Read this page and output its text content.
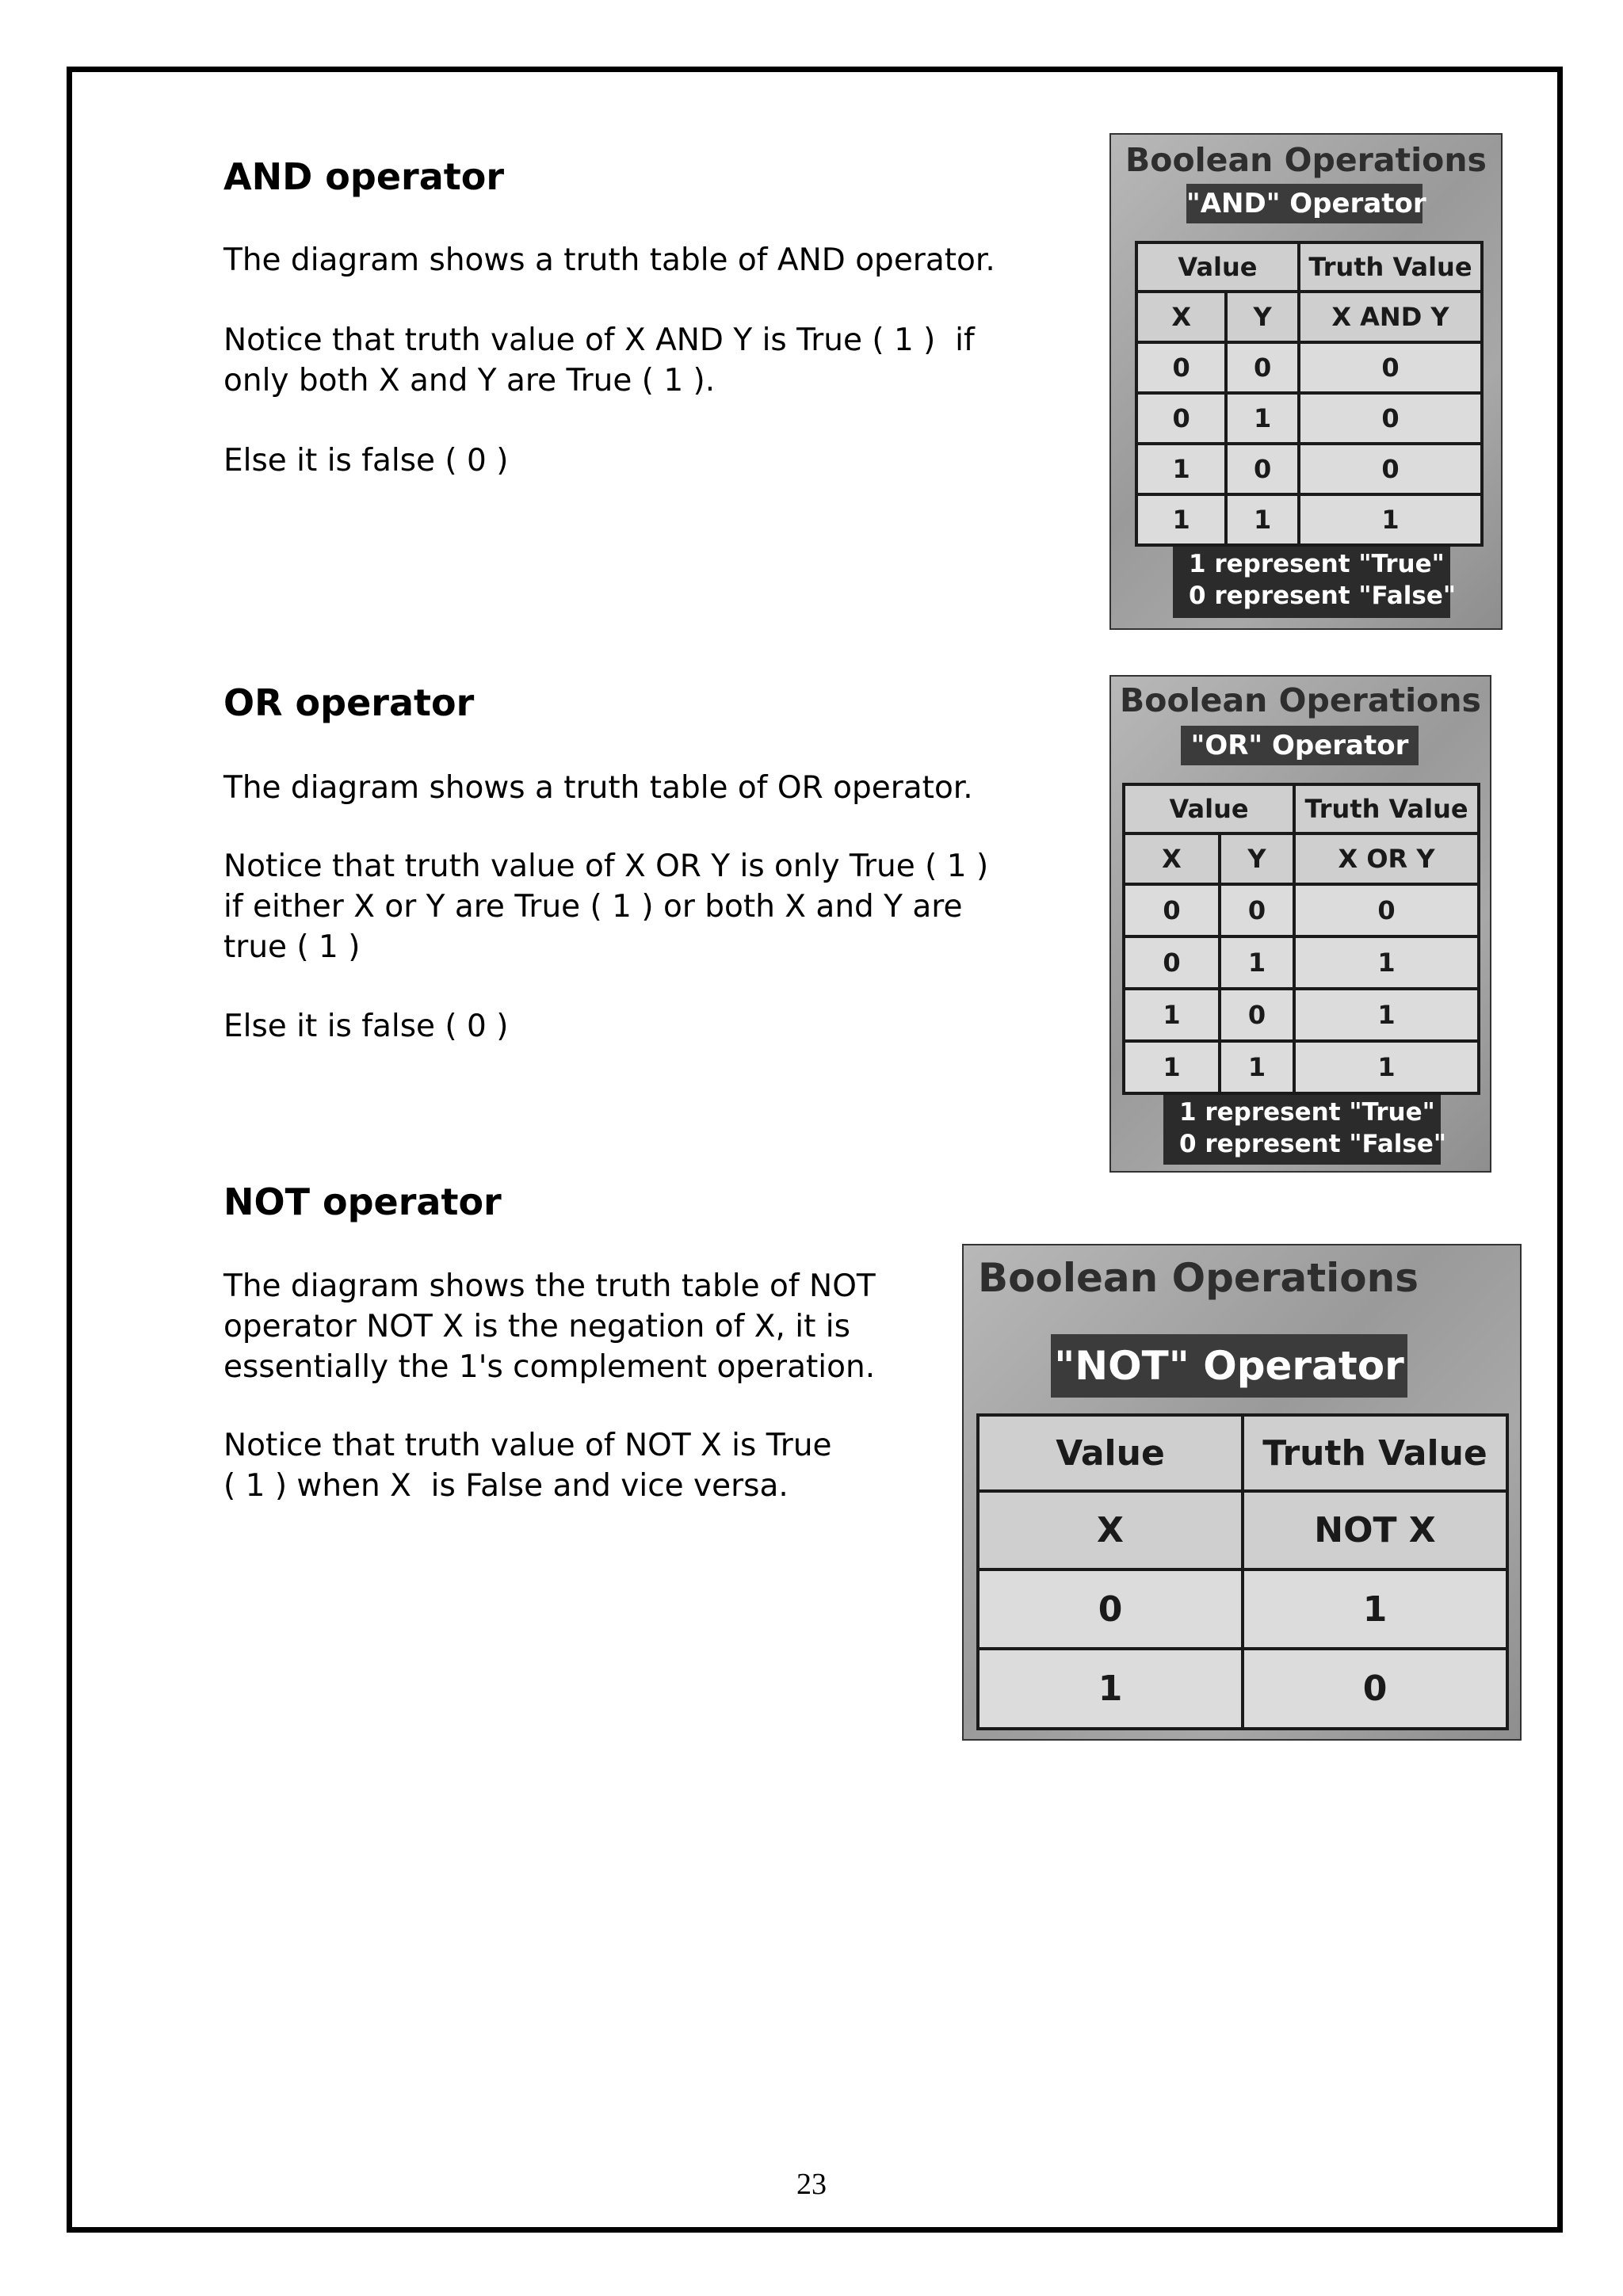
AND operator

The diagram shows a truth table of AND operator.

Notice that truth value of X AND Y is True ( 1 )  if
only both X and Y are True ( 1 ).

Else it is false ( 0 )

OR operator

The diagram shows a truth table of OR operator.

Notice that truth value of X OR Y is only True ( 1 )
if either X or Y are True ( 1 ) or both X and Y are
true ( 1 )

Else it is false ( 0 )

NOT operator

The diagram shows the truth table of NOT
operator NOT X is the negation of X, it is
essentially the 1's complement operation.

Notice that truth value of NOT X is True
( 1 ) when X  is False and vice versa.

Boolean Operations
"AND" Operator
Value		Truth Value
X	Y	X AND Y
0	0	0
0	1	0
1	0	0
1	1	1
1 represent "True"
0 represent "False"
Boolean Operations
"OR" Operator
Value		Truth Value
X	Y	X OR Y
0	0	0
0	1	1
1	0	1
1	1	1
1 represent "True"
0 represent "False"
Boolean Operations
"NOT" Operator
Value	Truth Value
X	NOT X
0	1
1	0
23
